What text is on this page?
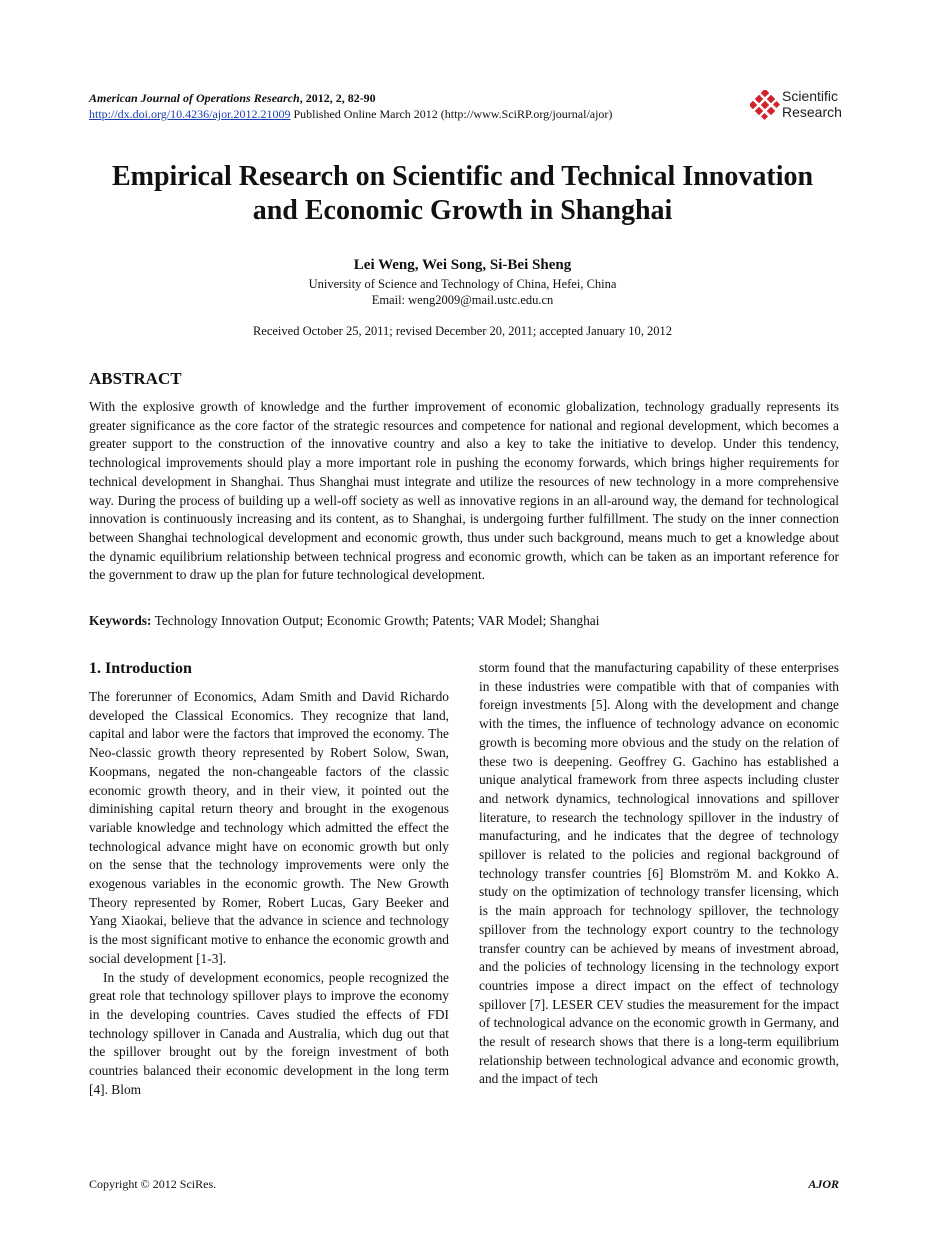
American Journal of Operations Research, 2012, 2, 82-90
http://dx.doi.org/10.4236/ajor.2012.21009 Published Online March 2012 (http://www.SciRP.org/journal/ajor)
Scientific
Research
Empirical Research on Scientific and Technical Innovation
and Economic Growth in Shanghai
Lei Weng, Wei Song, Si-Bei Sheng
University of Science and Technology of China, Hefei, China
Email: weng2009@mail.ustc.edu.cn
Received October 25, 2011; revised December 20, 2011; accepted January 10, 2012
ABSTRACT
With the explosive growth of knowledge and the further improvement of economic globalization, technology gradually represents its greater significance as the core factor of the strategic resources and competence for national and regional development, which becomes a greater support to the construction of the innovative country and also a key to take the initiative to develop. Under this tendency, technological improvements should play a more important role in pushing the economy forwards, which brings higher requirements for technical development in Shanghai. Thus Shanghai must integrate and utilize the resources of new technology in a more comprehensive way. During the process of building up a well-off society as well as innovative regions in an all-around way, the demand for technological innovation is continuously increasing and its content, as to Shanghai, is undergoing further fulfillment. The study on the inner connection between Shanghai technological development and economic growth, thus under such background, means much to get a knowledge about the dynamic equilibrium relationship between technical progress and economic growth, which can be taken as an important reference for the government to draw up the plan for future technological development.
Keywords: Technology Innovation Output; Economic Growth; Patents; VAR Model; Shanghai
1. Introduction

The forerunner of Economics, Adam Smith and David Richardo developed the Classical Economics. They recognize that land, capital and labor were the factors that improved the economy. The Neo-classic growth theory represented by Robert Solow, Swan, Koopmans, negated the non-changeable factors of the classic economic growth theory, and in their view, it pointed out the diminishing capital return theory and brought in the exogenous variable knowledge and technology which admitted the effect the technological advance might have on economic growth but only on the sense that the technology improvements were only the exogenous variables in the economic growth. The New Growth Theory represented by Romer, Robert Lucas, Gary Beeker and Yang Xiaokai, believe that the advance in science and technology is the most significant motive to enhance the economic growth and social development [1-3].

In the study of development economics, people recognized the great role that technology spillover plays to improve the economy in the developing countries. Caves studied the effects of FDI technology spillover in Canada and Australia, which dug out that the spillover brought out by the foreign investment of both countries balanced their economic development in the long term [4]. Blom

storm found that the manufacturing capability of these enterprises in these industries were compatible with that of companies with foreign investments [5]. Along with the development and change with the times, the influence of technology advance on economic growth is becoming more obvious and the study on the relation of these two is deepening. Geoffrey G. Gachino has established a unique analytical framework from three aspects including cluster and network dynamics, technological innovations and spillover literature, to research the technology spillover in the industry of manufacturing, and he indicates that the degree of technology spillover is related to the policies and regional background of technology transfer countries [6] Blomström M. and Kokko A. study on the optimization of technology transfer licensing, which is the main approach for technology spillover, the technology spillover from the technology export country to the technology transfer country can be achieved by means of investment abroad, and the policies of technology licensing in the technology export countries impose a direct impact on the effect of technology spillover [7]. LESER CEV studies the measurement for the impact of technological advance on the economic growth in Germany, and the result of research shows that there is a long-term equilibrium relationship between technological advance and economic growth, and the impact of tech

Copyright © 2012 SciRes.	AJOR
